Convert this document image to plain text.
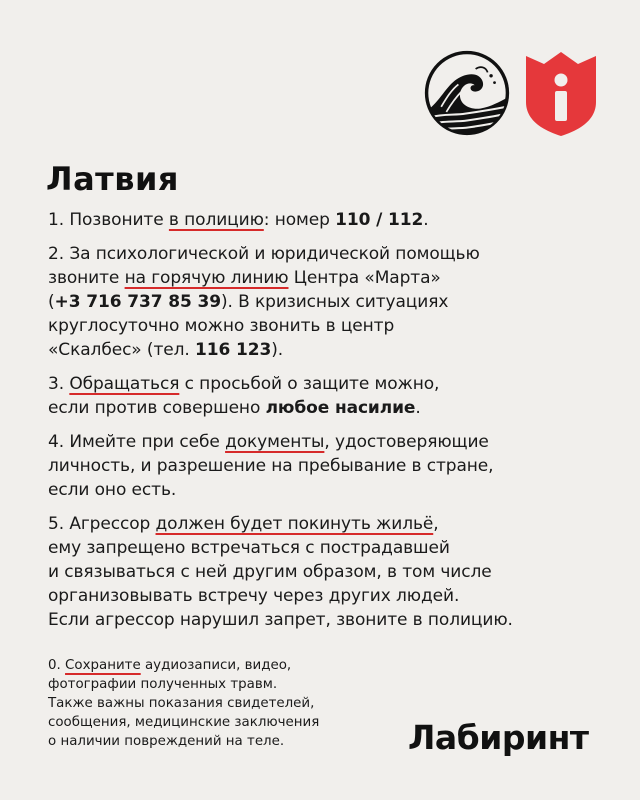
Латвия

1. Позвоните в полицию: номер 110 / 112.

2. За психологической и юридической помощью
звоните на горячую линию Центра «Марта»
(+3 716 737 85 39). В кризисных ситуациях
круглосуточно можно звонить в центр
«Скалбес» (тел. 116 123).

3. Обращаться с просьбой о защите можно,
если против совершено любое насилие.

4. Имейте при себе документы, удостоверяющие
личность, и разрешение на пребывание в стране,
если оно есть.

5. Агрессор должен будет покинуть жильё,
ему запрещено встречаться с пострадавшей
и связываться с ней другим образом, в том числе
организовывать встречу через других людей.
Если агрессор нарушил запрет, звоните в полицию.

0. Сохраните аудиозаписи, видео,
фотографии полученных травм.
Также важны показания свидетелей,
сообщения, медицинские заключения
о наличии повреждений на теле.	Лабиринт
